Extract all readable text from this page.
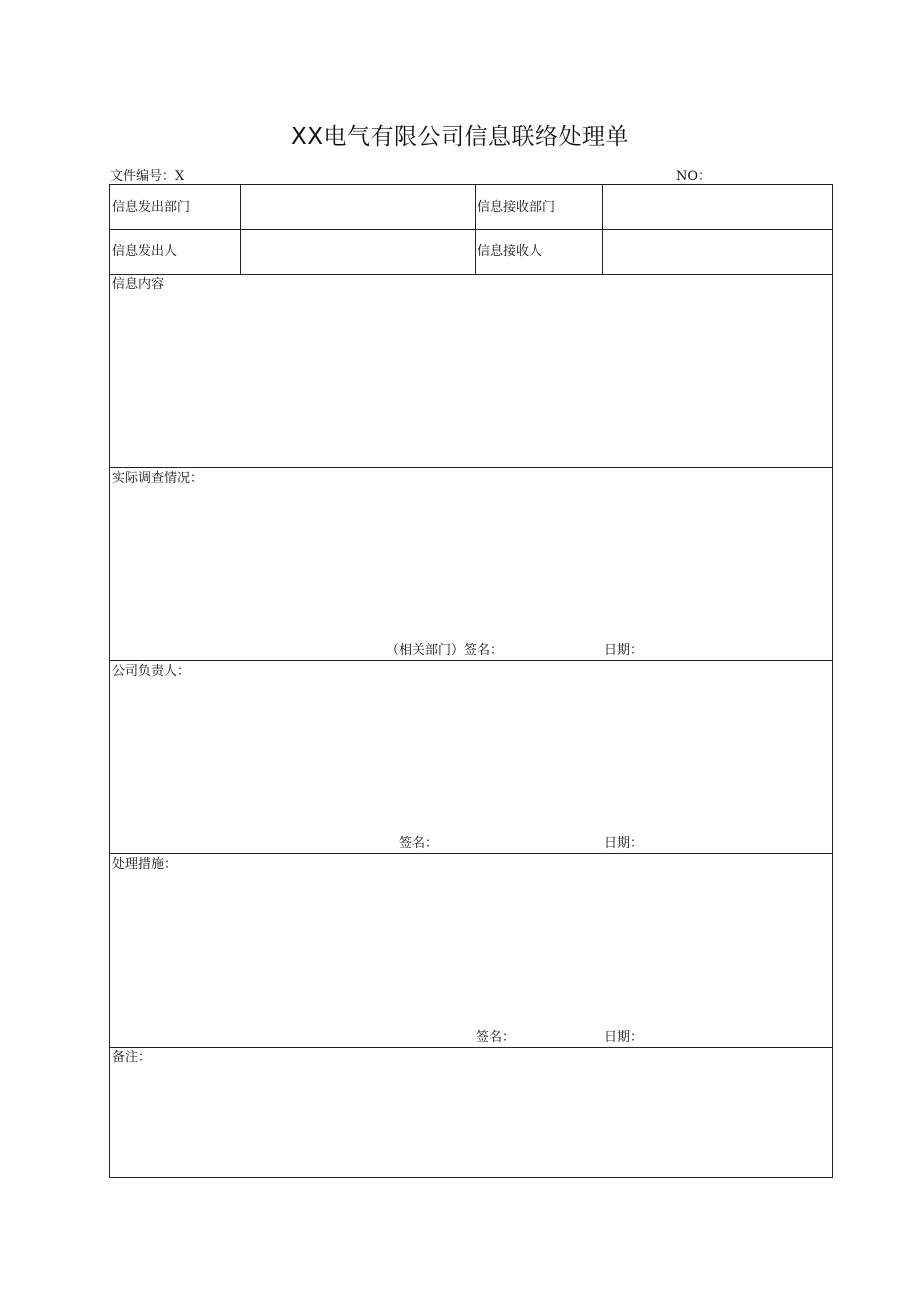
XX电气有限公司信息联络处理单
文件编号：X	NO：
信息发出部门	信息接收部门
信息发出人	信息接收人
信息内容
实际调查情况：
（相关部门）签名：	日期：
公司负责人：
签名：	日期：
处理措施：
签名：	日期：
备注：
